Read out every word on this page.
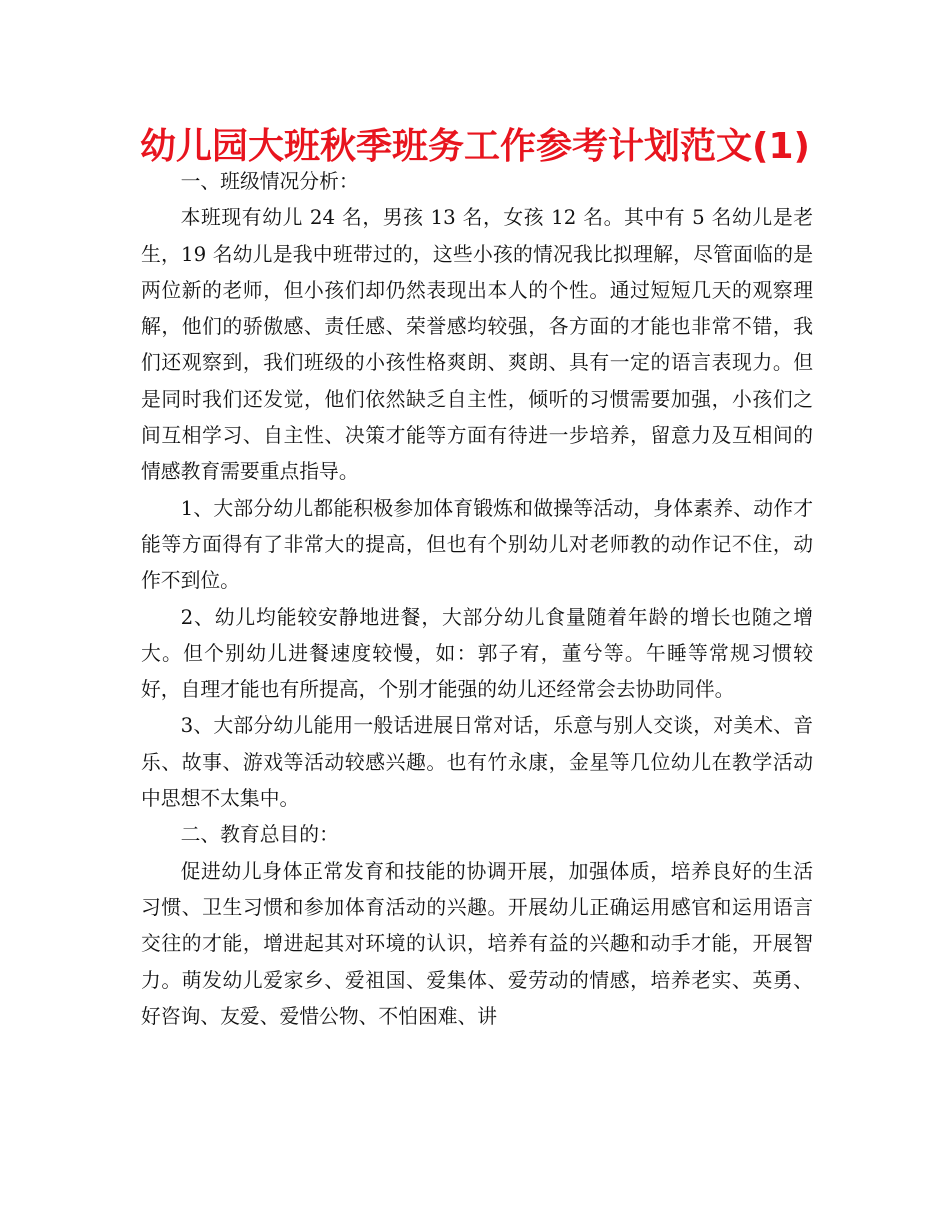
幼儿园大班秋季班务工作参考计划范文(1)

一、班级情况分析：

本班现有幼儿 24 名，男孩 13 名，女孩 12 名。其中有 5 名幼儿是老生，19 名幼儿是我中班带过的，这些小孩的情况我比拟理解，尽管面临的是两位新的老师，但小孩们却仍然表现出本人的个性。通过短短几天的观察理解，他们的骄傲感、责任感、荣誉感均较强，各方面的才能也非常不错，我们还观察到，我们班级的小孩性格爽朗、爽朗、具有一定的语言表现力。但是同时我们还发觉，他们依然缺乏自主性，倾听的习惯需要加强，小孩们之间互相学习、自主性、决策才能等方面有待进一步培养，留意力及互相间的情感教育需要重点指导。

1、大部分幼儿都能积极参加体育锻炼和做操等活动，身体素养、动作才能等方面得有了非常大的提高，但也有个别幼儿对老师教的动作记不住，动作不到位。

2、幼儿均能较安静地进餐，大部分幼儿食量随着年龄的增长也随之增大。但个别幼儿进餐速度较慢，如：郭子宥，董兮等。午睡等常规习惯较好，自理才能也有所提高，个别才能强的幼儿还经常会去协助同伴。

3、大部分幼儿能用一般话进展日常对话，乐意与别人交谈，对美术、音乐、故事、游戏等活动较感兴趣。也有竹永康，金星等几位幼儿在教学活动中思想不太集中。

二、教育总目的：

促进幼儿身体正常发育和技能的协调开展，加强体质，培养良好的生活习惯、卫生习惯和参加体育活动的兴趣。开展幼儿正确运用感官和运用语言交往的才能，增进起其对环境的认识，培养有益的兴趣和动手才能，开展智力。萌发幼儿爱家乡、爱祖国、爱集体、爱劳动的情感，培养老实、英勇、好咨询、友爱、爱惜公物、不怕困难、讲
